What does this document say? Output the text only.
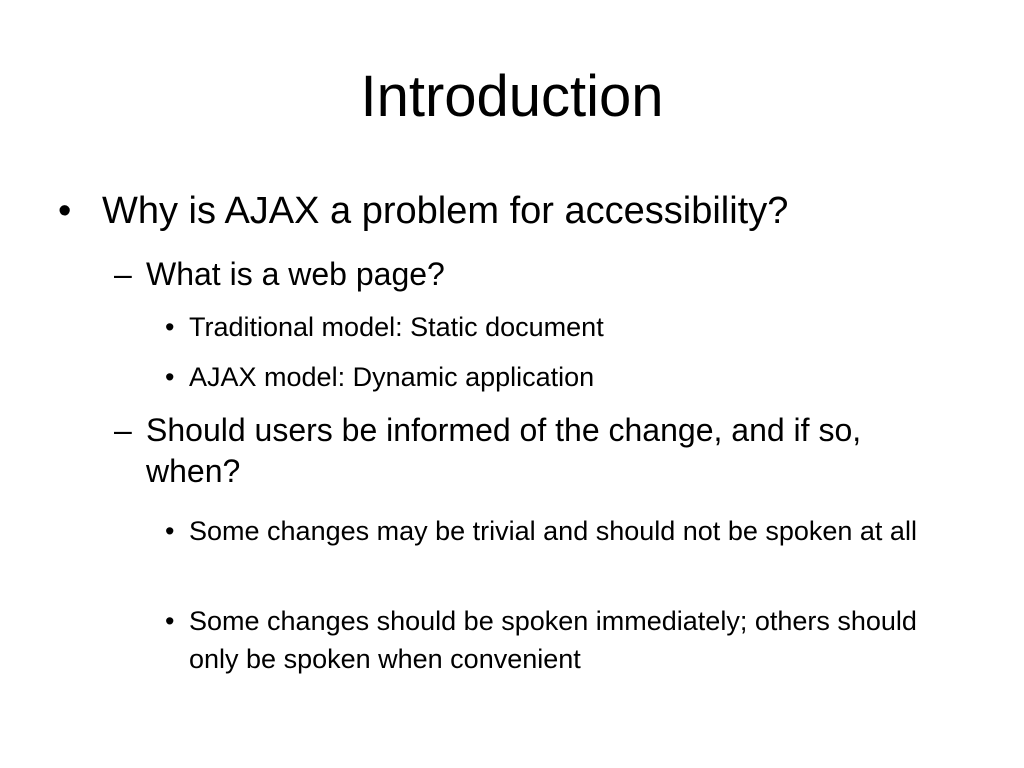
Introduction
• Why is AJAX a problem for accessibility?
– What is a web page?
• Traditional model: Static document
• AJAX model: Dynamic application
– Should users be informed of the change, and if so, when?
• Some changes may be trivial and should not be spoken at all
• Some changes should be spoken immediately; others should only be spoken when convenient
